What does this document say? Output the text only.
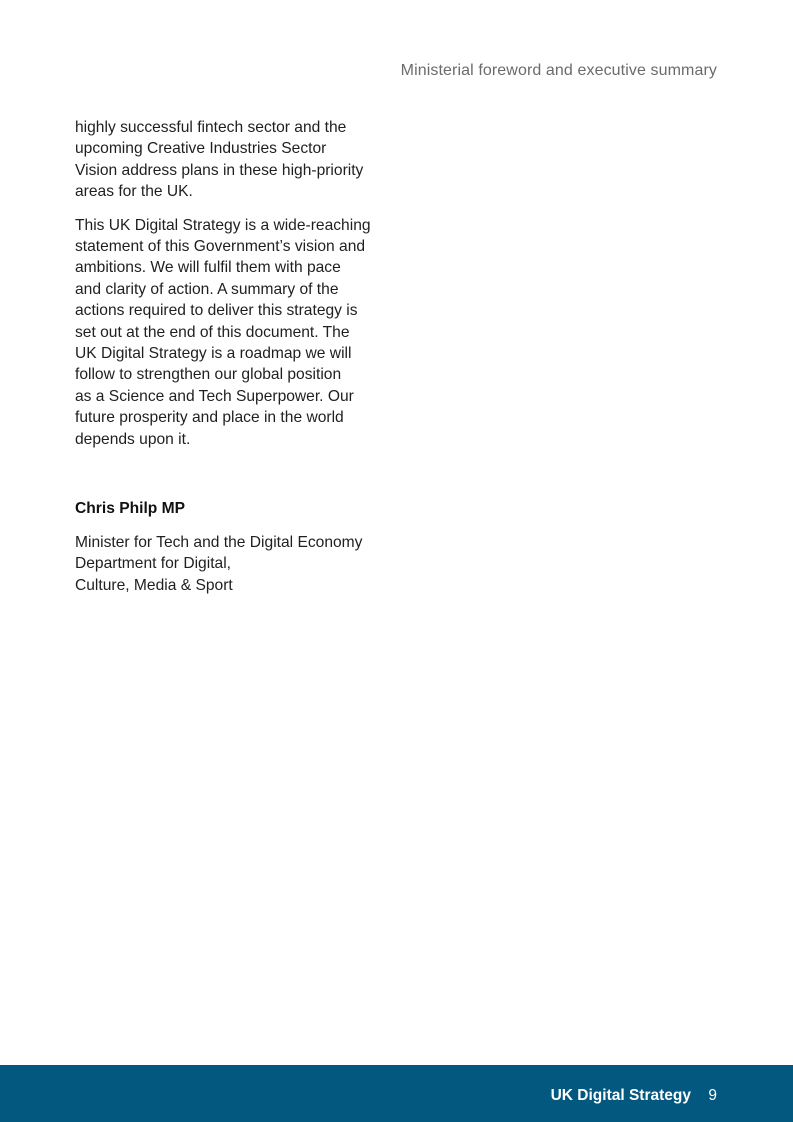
Ministerial foreword and executive summary

highly successful fintech sector and the
upcoming Creative Industries Sector
Vision address plans in these high-priority
areas for the UK.

This UK Digital Strategy is a wide-reaching
statement of this Government’s vision and
ambitions. We will fulfil them with pace
and clarity of action. A summary of the
actions required to deliver this strategy is
set out at the end of this document. The
UK Digital Strategy is a roadmap we will
follow to strengthen our global position
as a Science and Tech Superpower. Our
future prosperity and place in the world
depends upon it.

Chris Philp MP
Minister for Tech and the Digital Economy
Department for Digital,
Culture, Media & Sport
UK Digital Strategy 9
